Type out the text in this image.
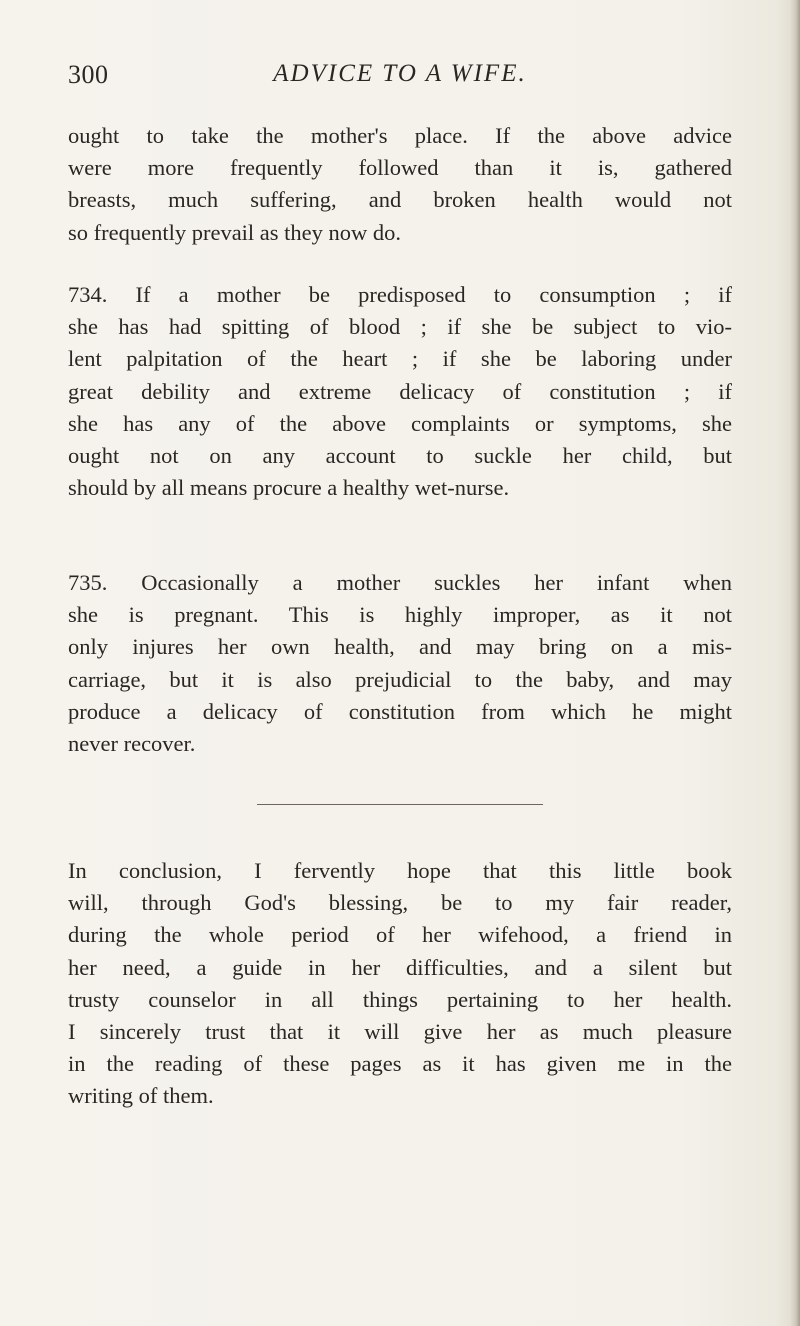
300	ADVICE TO A WIFE.

ought to take the mother's place. If the above advice
were more frequently followed than it is, gathered
breasts, much suffering, and broken health would not
so frequently prevail as they now do.

734. If a mother be predisposed to consumption ; if
she has had spitting of blood ; if she be subject to vio-
lent palpitation of the heart ; if she be laboring under
great debility and extreme delicacy of constitution ; if
she has any of the above complaints or symptoms, she
ought not on any account to suckle her child, but
should by all means procure a healthy wet-nurse.

735. Occasionally a mother suckles her infant when
she is pregnant. This is highly improper, as it not
only injures her own health, and may bring on a mis-
carriage, but it is also prejudicial to the baby, and may
produce a delicacy of constitution from which he might
never recover.

In conclusion, I fervently hope that this little book
will, through God's blessing, be to my fair reader,
during the whole period of her wifehood, a friend in
her need, a guide in her difficulties, and a silent but
trusty counselor in all things pertaining to her health.
I sincerely trust that it will give her as much pleasure
in the reading of these pages as it has given me in the
writing of them.
